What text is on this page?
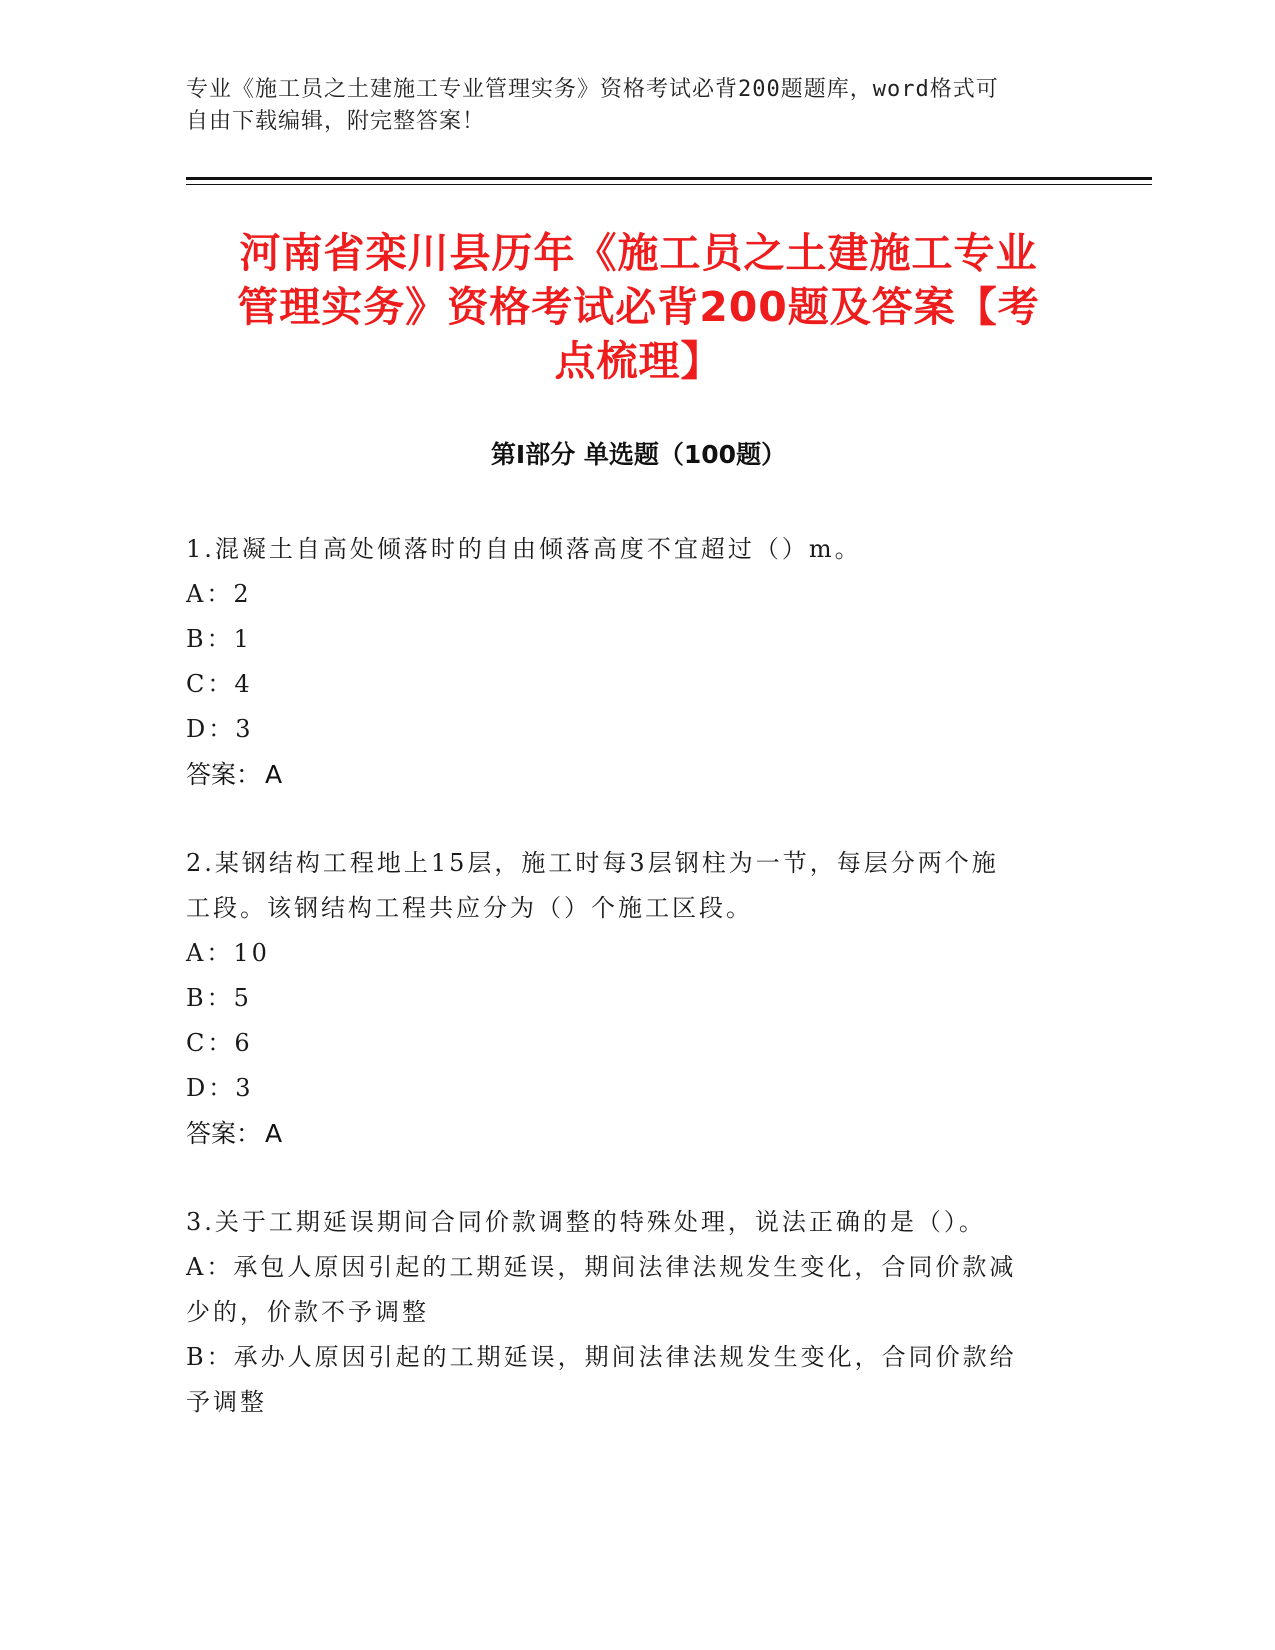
专业《施工员之土建施工专业管理实务》资格考试必背200题题库，word格式可

自由下载编辑，附完整答案！

河南省栾川县历年《施工员之土建施工专业
管理实务》资格考试必背200题及答案【考
点梳理】
第I部分 单选题（100题）

1.混凝土自高处倾落时的自由倾落高度不宜超过（）m。

A：2

B：1

C：4

D：3

答案： A

2.某钢结构工程地上15层，施工时每3层钢柱为一节，每层分两个施

工段。该钢结构工程共应分为（）个施工区段。

A：10

B：5

C：6

D：3

答案： A

3.关于工期延误期间合同价款调整的特殊处理，说法正确的是（）。

A：承包人原因引起的工期延误，期间法律法规发生变化，合同价款减

少的，价款不予调整

B：承办人原因引起的工期延误，期间法律法规发生变化，合同价款给

予调整
